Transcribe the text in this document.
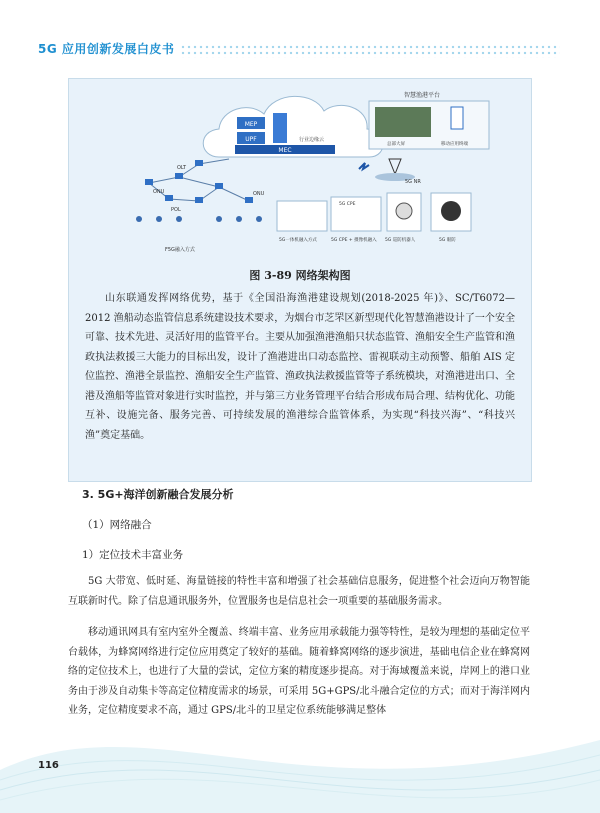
5G 应用创新发展白皮书
MEP
UPF
MEC
行业边缘云
智慧渔港平台
总部大屏	移动应用终端
5G NR
OLT
ONU	ONU
POL
5G CPE
F5G融入方式
5G一体机融入方式	5G CPE + 摄像机融入 5G 巡防机器人	5G 眼防
图 3-89 网络架构图
山东联通发挥网络优势，基于《全国沿海渔港建设规划(2018-2025 年)》、SC/T6072—2012 渔船动态监管信息系统建设技术要求，为烟台市芝罘区新型现代化智慧渔港设计了一个安全可靠、技术先进、灵活好用的监管平台。主要从加强渔港渔船只状态监管、渔船安全生产监管和渔政执法救援三大能力的目标出发，设计了渔港进出口动态监控、雷视联动主动预警、船舶 AIS 定位监控、渔港全景监控、渔船安全生产监管、渔政执法救援监管等子系统模块，对渔港进出口、全港及渔船等监管对象进行实时监控，并与第三方业务管理平台结合形成布局合理、结构优化、功能互补、设施完备、服务完善、可持续发展的渔港综合监管体系，为实现“科技兴海”、“科技兴渔”奠定基础。
3. 5G+海洋创新融合发展分析
（1）网络融合
1）定位技术丰富业务
5G 大带宽、低时延、海量链接的特性丰富和增强了社会基础信息服务，促进整个社会迈向万物智能互联新时代。除了信息通讯服务外，位置服务也是信息社会一项重要的基础服务需求。
移动通讯网具有室内室外全覆盖、终端丰富、业务应用承载能力强等特性，是较为理想的基础定位平台载体，为蜂窝网络进行定位应用奠定了较好的基础。随着蜂窝网络的逐步演进，基础电信企业在蜂窝网络的定位技术上，也进行了大量的尝试，定位方案的精度逐步提高。对于海域覆盖来说，岸网上的港口业务由于涉及自动集卡等高定位精度需求的场景，可采用 5G+GPS/北斗融合定位的方式；而对于海洋网内业务，定位精度要求不高，通过 GPS/北斗的卫星定位系统能够满足整体
116
